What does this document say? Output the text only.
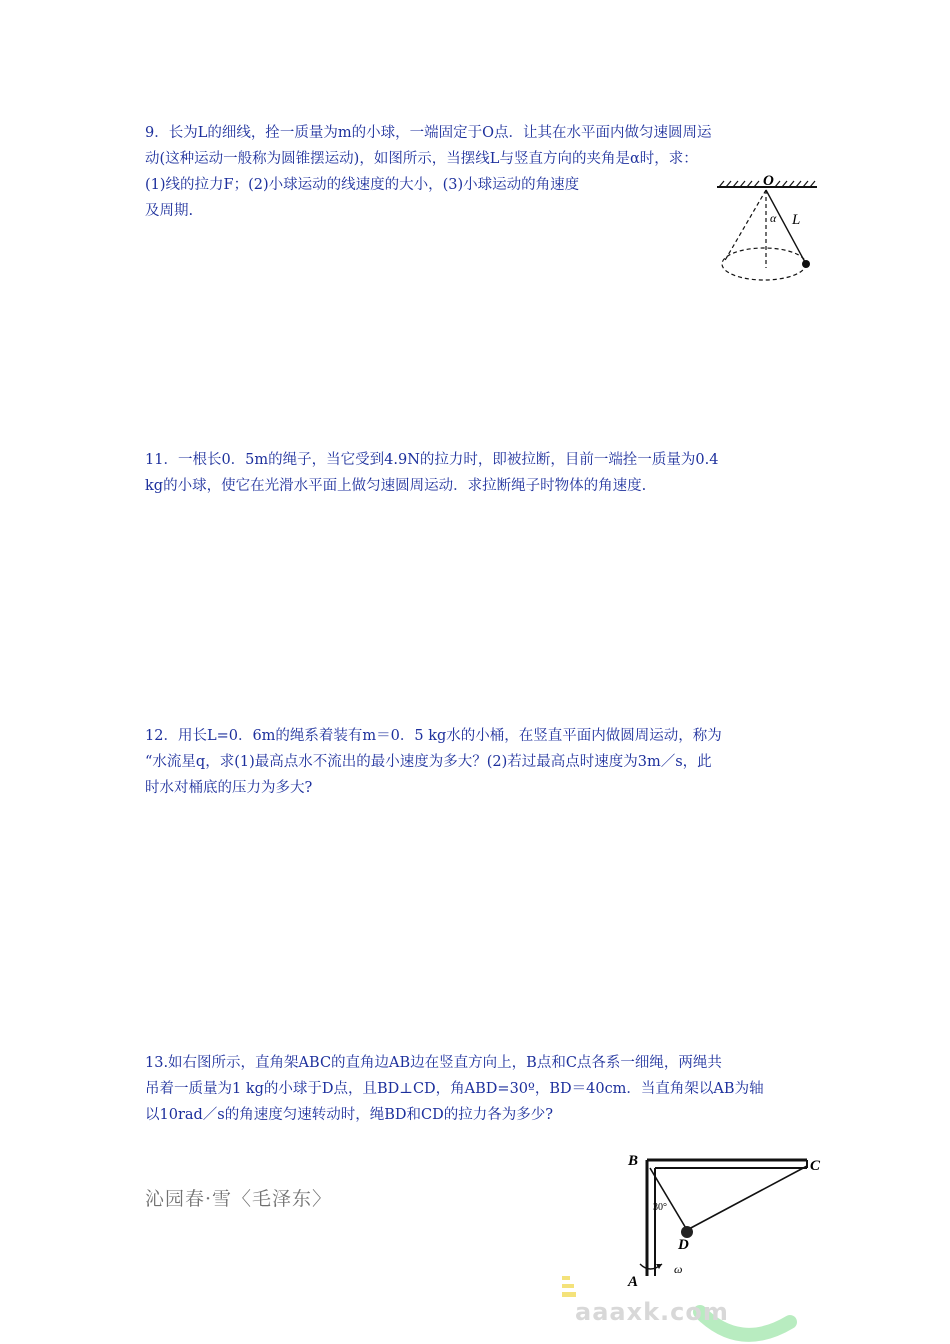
9．长为L的细线，拴一质量为m的小球，一端固定于O点．让其在水平面内做匀速圆周运

动(这种运动一般称为圆锥摆运动)，如图所示，当摆线L与竖直方向的夹角是α时，求：

(1)线的拉力F；(2)小球运动的线速度的大小，(3)小球运动的角速度

及周期.

O
α L

11．一根长0．5m的绳子，当它受到4.9N的拉力时，即被拉断，目前一端拴一质量为0.4

kg的小球，使它在光滑水平面上做匀速圆周运动．求拉断绳子时物体的角速度.

12．用长L=0．6m的绳系着装有m＝0．5 kg水的小桶，在竖直平面内做圆周运动，称为

“水流星q，求(1)最高点水不流出的最小速度为多大？(2)若过最高点时速度为3m／s，此

时水对桶底的压力为多大?

13.如右图所示，直角架ABC的直角边AB边在竖直方向上，B点和C点各系一细绳，两绳共

吊着一质量为1 kg的小球于D点，且BD⊥CD，角ABD=30º，BD＝40cm．当直角架以AB为轴

以10rad／s的角速度匀速转动时，绳BD和CD的拉力各为多少?

沁园春·雪〈毛泽东〉
B	C
30°
D
ω
A
aaaxk.com
